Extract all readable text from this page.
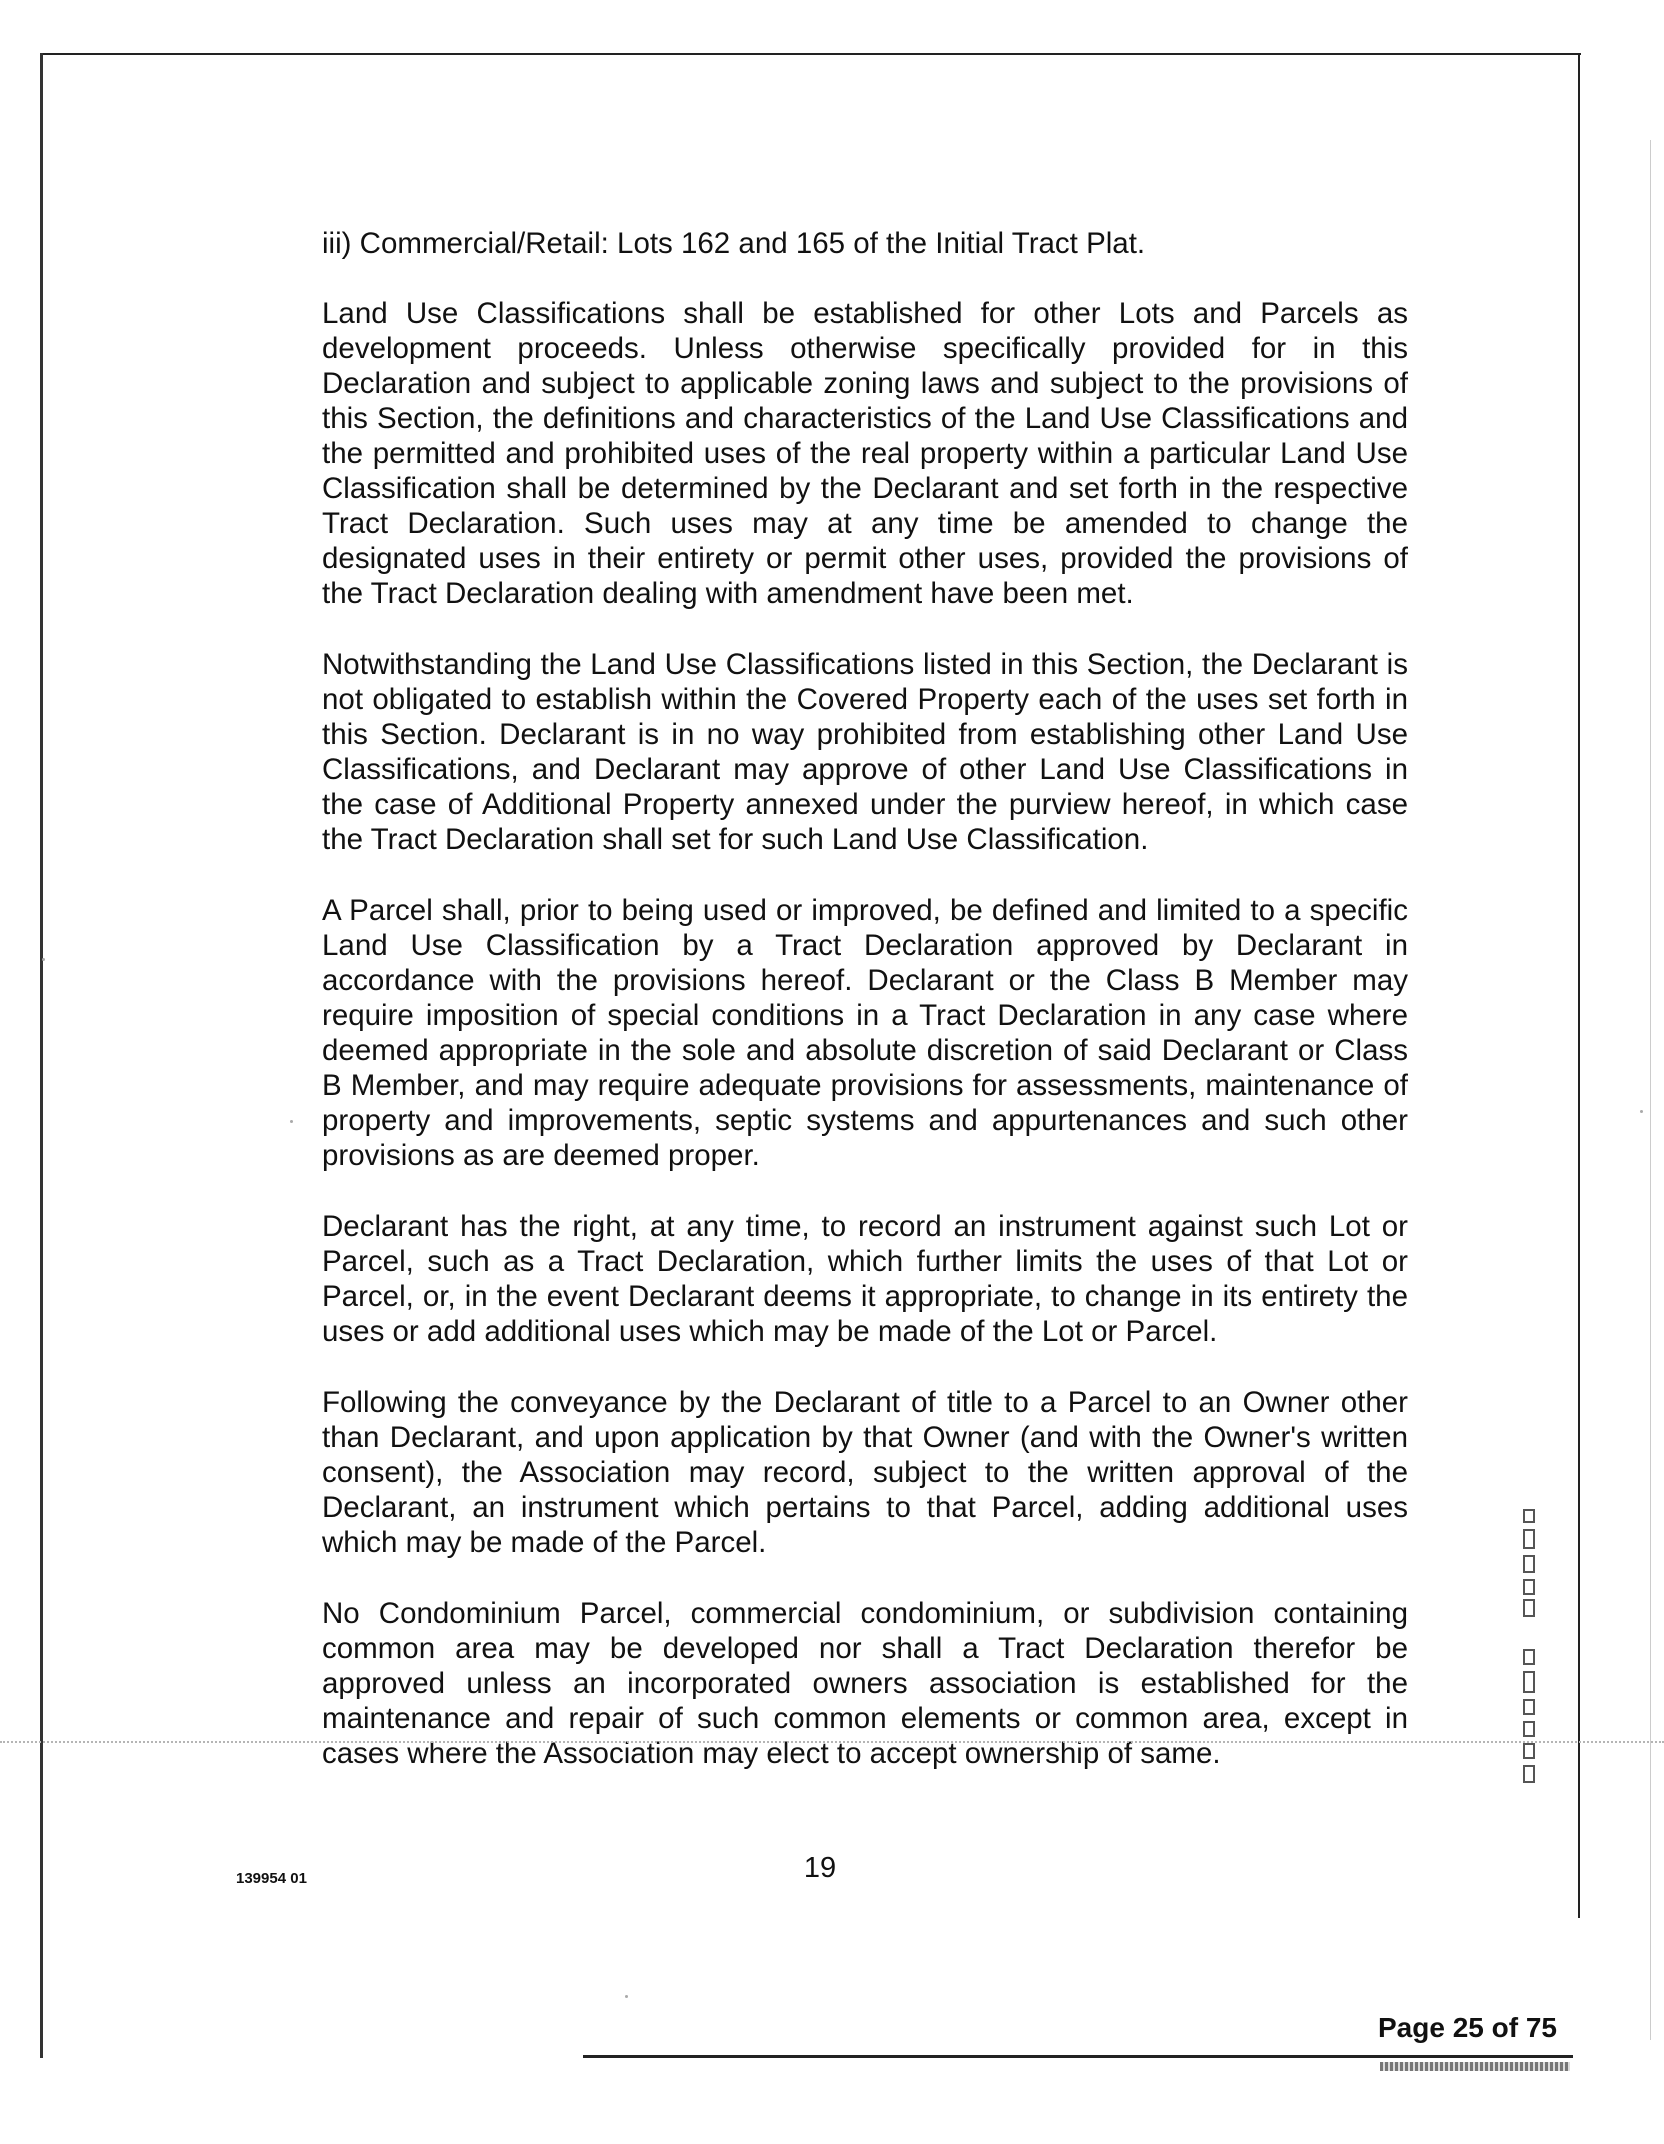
iii) Commercial/Retail: Lots 162 and 165 of the Initial Tract Plat.

Land Use Classifications shall be established for other Lots and Parcels as development proceeds. Unless otherwise specifically provided for in this Declaration and subject to applicable zoning laws and subject to the provisions of this Section, the definitions and characteristics of the Land Use Classifications and the permitted and prohibited uses of the real property within a particular Land Use Classification shall be determined by the Declarant and set forth in the respective Tract Declaration. Such uses may at any time be amended to change the designated uses in their entirety or permit other uses, provided the provisions of the Tract Declaration dealing with amendment have been met.

Notwithstanding the Land Use Classifications listed in this Section, the Declarant is not obligated to establish within the Covered Property each of the uses set forth in this Section. Declarant is in no way prohibited from establishing other Land Use Classifications, and Declarant may approve of other Land Use Classifications in the case of Additional Property annexed under the purview hereof, in which case the Tract Declaration shall set for such Land Use Classification.

A Parcel shall, prior to being used or improved, be defined and limited to a specific Land Use Classification by a Tract Declaration approved by Declarant in accordance with the provisions hereof. Declarant or the Class B Member may require imposition of special conditions in a Tract Declaration in any case where deemed appropriate in the sole and absolute discretion of said Declarant or Class B Member, and may require adequate provisions for assessments, maintenance of property and improvements, septic systems and appurtenances and such other provisions as are deemed proper.

Declarant has the right, at any time, to record an instrument against such Lot or Parcel, such as a Tract Declaration, which further limits the uses of that Lot or Parcel, or, in the event Declarant deems it appropriate, to change in its entirety the uses or add additional uses which may be made of the Lot or Parcel.

Following the conveyance by the Declarant of title to a Parcel to an Owner other than Declarant, and upon application by that Owner (and with the Owner's written consent), the Association may record, subject to the written approval of the Declarant, an instrument which pertains to that Parcel, adding additional uses which may be made of the Parcel.

No Condominium Parcel, commercial condominium, or subdivision containing common area may be developed nor shall a Tract Declaration therefor be approved unless an incorporated owners association is established for the maintenance and repair of such common elements or common area, except in cases where the Association may elect to accept ownership of same.

19
139954 01
Page 25 of 75
